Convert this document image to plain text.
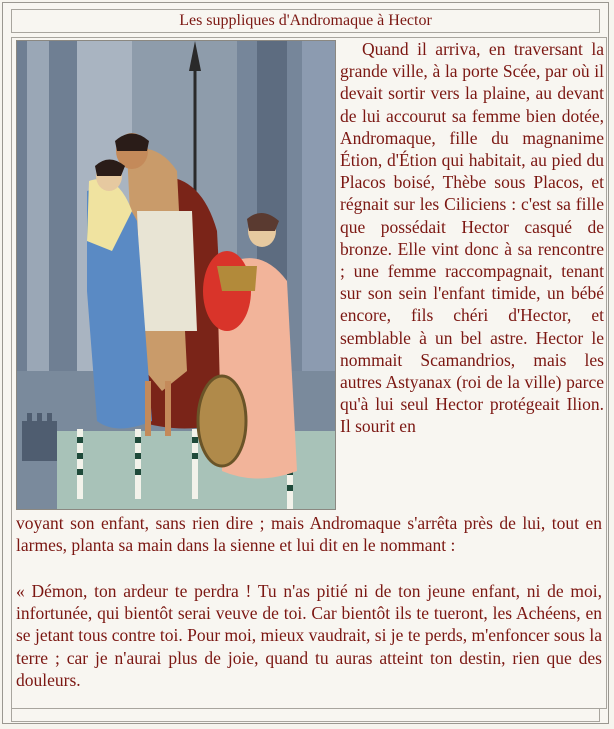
Les suppliques d'Andromaque à Hector

Quand il arriva, en traversant la grande ville, à la porte Scée, par où il devait sortir vers la plaine, au devant de lui accourut sa femme bien dotée, Andromaque, fille du magnanime Étion, d'Étion qui habitait, au pied du Placos boisé, Thèbe sous Placos, et régnait sur les Ciliciens : c'est sa fille que possédait Hector casqué de bronze. Elle vint donc à sa rencontre ; une femme raccompagnait, tenant sur son sein l'enfant timide, un bébé encore, fils chéri d'Hector, et semblable à un bel astre. Hector le nommait Scamandrios, mais les autres Astyanax (roi de la ville) parce qu'à lui seul Hector protégeait Ilion. Il sourit en

voyant son enfant, sans rien dire ; mais Andromaque s'arrêta près de lui, tout en larmes, planta sa main dans la sienne et lui dit en le nommant :

« Démon, ton ardeur te perdra ! Tu n'as pitié ni de ton jeune enfant, ni de moi, infortunée, qui bientôt serai veuve de toi. Car bientôt ils te tueront, les Achéens, en se jetant tous contre toi. Pour moi, mieux vaudrait, si je te perds, m'enfoncer sous la terre ; car je n'aurai plus de joie, quand tu auras atteint ton destin, rien que des douleurs.
